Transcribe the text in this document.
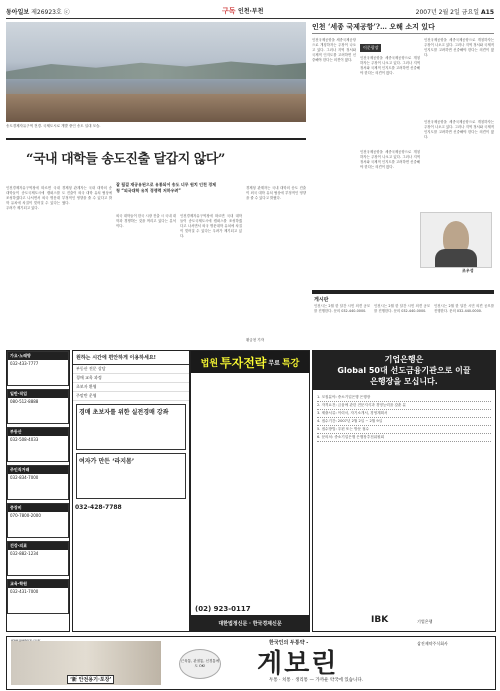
동아일보 제26923호 ⓒ	구독 인천·부천	2007년 2월 2일 금요일 A15
송도경제자유구역 전경. 국제도시로 개발 중인 송도 일대 모습.
“국내 대학들 송도진출 달갑지 않다”
인천경제자유구역청에 따르면 국내 대학들이 송도국제도시에 캠퍼스를 조성하겠다고 나서면서 외국 명문대학 유치에 차질이 빚어질 수 있다는 우려가 제기되고 있다.
경제청 관계자는 국내 대학의 송도 진출이 외국 대학 유치 협상에 부정적인 영향을 줄 수 있다고 밝혔다.
잘 될걸 재공유된으로 유통되어 송도 너무 원치 인천 경제청 “외국대학 유치 경쟁력 저하우려”
외국 대학들이 한국 시장 진출 시 국내 대학과 경쟁하는 것을 꺼리고 있다는 분석이다.
인천경제자유구역청에 따르면 국내 대학들이 송도국제도시에 캠퍼스를 조성하겠다고 나서면서 외국 명문대학 유치에 차질이 빚어질 수 있다는 우려가 제기되고 있다.
경제청 관계자는 국내 대학의 송도 진출이 외국 대학 유치 협상에 부정적인 영향을 줄 수 있다고 밝혔다.
황금천 기자
인천 ‘세종 국제공항’?… 오해 소지 있다
인천국제공항을 세종국제공항으로 개칭하자는 주장이 나오고 있다. 그러나 지역 정서와 국제적 인지도를 고려하면 신중해야 한다는 의견이 많다.
이문광장
인천국제공항을 세종국제공항으로 개칭하자는 주장이 나오고 있다. 그러나 지역 정서와 국제적 인지도를 고려하면 신중해야 한다는 의견이 많다.
인천국제공항을 세종국제공항으로 개칭하자는 주장이 나오고 있다. 그러나 지역 정서와 국제적 인지도를 고려하면 신중해야 한다는 의견이 많다.
인천국제공항을 세종국제공항으로 개칭하자는 주장이 나오고 있다. 그러나 지역 정서와 국제적 인지도를 고려하면 신중해야 한다는 의견이 많다.
인천국제공항을 세종국제공항으로 개칭하자는 주장이 나오고 있다. 그러나 지역 정서와 국제적 인지도를 고려하면 신중해야 한다는 의견이 많다.
조우성
게시판
인천시는 2월 한 달간 시민 의견 공모를 진행한다. 문의 032-440-0000.
인천시는 2월 한 달간 시민 의견 공모를 진행한다. 문의 032-440-0000.
인천시는 2월 한 달간 시민 의견 공모를 진행한다. 문의 032-440-0000.
가요·노래방
032-433-7777
일반·직업
080-512-8888
부동산
032-508-4033
주인직거래
032-834-7000
중장비
070-7800-2000
건강·의료
032-882-1234
교육·학원
032-431-7000
원하는 시간에 편안하게 이용하세요!
부동산 전문 상담
경매 교육 과정
초보자 환영
주말반 운영
경매 초보자를 위한 실전경매 강좌
여자가 만든 ‘라지몸’
032-428-7788
법원 투자전략 무료 특강
(02) 923-0117
대한법정신문 · 한국경제신문
기업은행은
Global 50대 선도금융기관으로 이끌
은행장을 모십니다.
1. 모집분야: 중소기업은행 은행장
2. 자격요건: 금융에 관한 전문지식과 경영능력을 갖춘 분
3. 제출서류: 이력서, 자기소개서, 경영계획서
4. 접수기간: 2007년 2월 2일 ~ 2월 9일
5. 접수방법: 우편 또는 방문 접수
6. 문의처: 중소기업은행 은행장추천위원회
IBK	기업은행
www.gaeborin.co.kr
‘新 안전용기·포장’
근육통, 관절통, 신경통에도 OK!
한국인의 두통약 -
게보린
두통 · 치통 · 생리통 — 가까운 약국에 있습니다.
삼진제약주식회사
